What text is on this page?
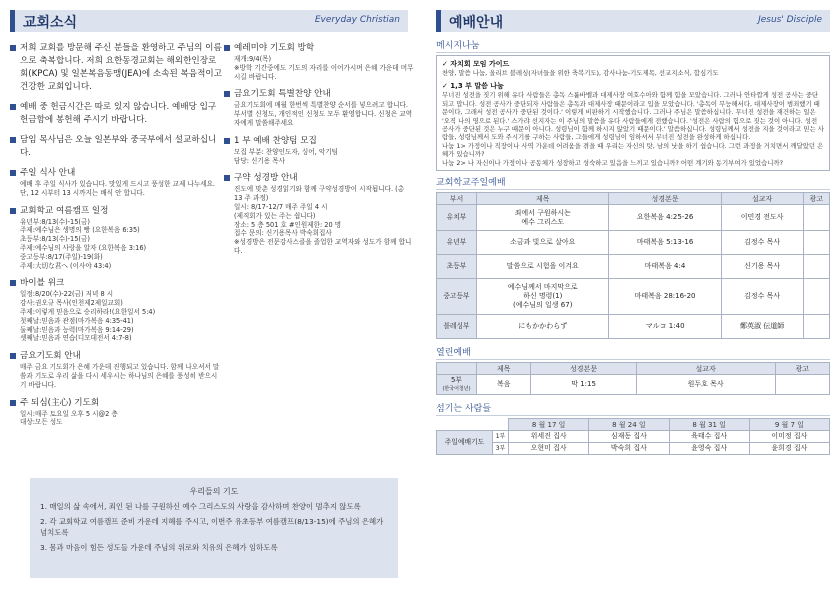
교회소식	Everyday Christian
저희 교회를 방문해 주신 분들을 환영하고 주님의 이름으로 축복합니다. 저희 요한동경교회는 해외한인장로회(KPCA) 및 일본복음동맹(JEA)에 소속된 복음적이고 건강한 교회입니다.
예배 중 헌금시간은 따로 있지 않습니다. 예배당 입구 헌금함에 봉헌해 주시기 바랍니다.
담임 목사님은 오늘 일본부와 중국부에서 설교하십니다.
주일 식사 안내
예배 후 주일 식사가 있습니다. 맛있게 드시고 풍성한 교제 나누세요. 단, 12 시부터 13 시까지는 배식 안 합니다.
교회학교 여름캠프 일정
유년부:8/13(수)-15(금)
주제:예수님은 생명의 빵 (요한복음 6:35)
초등부:8/13(수)-15(금)
주제:예수님의 사랑을 알자 (요한복음 3:16)
중고등부:8/17(주일)-19(화)
주제:大切な君へ (이사야 43:4)
바이블 위크
일정:8/20(수)-22(금) 저녁 8 시
강사:권오규 목사(인천제2제일교회)
주제:이렇게 믿음으로 승리하라!(요한일서 5:4)
첫째날:믿음과 관점(마가복음 4:35-41)
둘째날:믿음과 능력(마가복음 9:14-29)
셋째날:믿음과 연습(디모데전서 4:7-8)
금요기도회 안내
매주 금요 기도회가 은혜 가운데 진행되고 있습니다. 함께 나오셔서 말씀과 기도로 우리 삶을 다시 세우시는 하나님의 은혜를 풍성히 받으시기 바랍니다.
주 되심(主心) 기도회
일시:매주 토요일 오후 5 시@2 층
대상:모든 성도
예레미야 기도회 방학
재개:9/4(목)
※방학 기간중에도 기도의 자리를 이어가시며 은혜 가운데 머무시길 바랍니다.
금요기도회 특별찬양 안내
금요기도회에 매월 한번씩 특별찬양 순서를 넣으려고 합니다. 부서별 신청도, 개인적인 신청도 모두 환영합니다. 신청은 교역자에게 말씀해주세요
1 부 예배 찬양팀 모집
모집 부분: 찬양인도자, 싱어, 악기팀
담당: 신기용 목사
구약 성경방 안내
진도에 맞춘 성경읽기와 함께 구약성경방이 시작됩니다. (총 13 주 과정)
일시: 8/17-12/7 매주 주일 4 시
(제직회가 있는 주는 쉽니다)
장소: 5 층 501 호 #인원제한: 20 명
접수 문의: 신기용목사 박숙희집사
※성경방은 전문강사스클을 졸업한 교역자와 성도가 함께 합니다.
우리들의 기도
1. 매일의 삶 속에서, 죄인 된 나를 구원하신 예수 그리스도의 사랑을 감사하며 찬양이 멈추지 않도록
2. 각 교회학교 여름캠프 준비 가운데 지혜를 주시고, 이번주 유초등부 여름캠프(8/13-15)에 주님의 은혜가 넘치도록
3. 몸과 마음이 힘든 성도들 가운데 주님의 위로와 치유의 은혜가 임하도록
예배안내	Jesus' Disciple
메시지나눔
✓ 자치회 모임 가이드
찬양, 말씀 나눔, 올리브 블레싱(자녀들을 위한 축복기도), 감사나눔-기도제목, 선교지소식, 합심기도
✓ 1,3 부 말씀 나눔
무너진 성전을 짓기 위해 유다 사람들은 총독 스룹바벨과 대제사장 여호수아와 함께 힘을 모았습니다. 그러나 안타깝게 성전 공사는 중단되고 맙니다. 성전 공사가 중단되자 사람들은 총독과 대제사장 때문이라고 입을 모았습니다. '총독이 무능해서다, 대제사장이 범죄했기 때문이다, 그래서 성전 공사가 중단된 것이다.' 이렇게 비판하기 시작했습니다. 그러나 주님은 말씀하십니다. 무너진 성전을 재건하는 일은 '오직 나의 영으로 된다.' 스가랴 선지자는 이 주님의 말씀을 유다 사람들에게 전했습니다. '성전은 사람의 힘으로 짓는 것이 아니다. 성전 공사가 중단된 것은 누구 때문이 아니다. 성령님이 함께 하시지 않았기 때문이다.' 말씀하십니다. 성령님께서 성전을 지을 것이라고 믿는 사람들, 성령님께서 도와 주시기를 구하는 사람들, 그들에게 성령님이 임하셔서 무너진 성전을 완성하게 하십니다.
나눔 1> 가정이나 직장이나 사역 가운데 어려움을 겪을 때 우리는 자신의 탓, 남의 낫을 하기 쉽습니다. 그런 과정을 거치면서 깨달았던 은혜가 있습니까?
나눔 2> 나 자신이나 가정이나 공동체가 성장하고 성숙하고 있음을 느끼고 있습니까? 어떤 계기와 동기부여가 있었습니까?
교회학교주일예배
부서	제목	성경본문	설교자	광고
유치부	죄에서 구원하시는
예수 그리스도	요한복음 4:25-26	이민경 전도사	
유년부	소금과 빛으로 살아요	마태복음 5:13-16	김정수 목사	
초등부	말씀으로 시험을 이겨요	마태복음 4:4	신기용 목사	
중고등부	예수님께서 마지막으로
하신 명령(1)
(예수님의 일생 67)	마태복음 28:16-20	김정수 목사	
블레싱부	にもかかわらず	マルコ 1:40	鄭英淑 伝道師	
열린예배
	제목	성경본문	설교자	광고

5부
(한국어청년)	복음	막 1:15	원두호 목사	
섬기는 사람들
		8 월 17 일	8 월 24 일	8 월 31 일	9 월 7 일
주일예배기도	1부	위세진 집사	심재동 집사	육태수 집사	이미정 집사
	3부	오현미 집사	박숙희 집사	윤영숙 집사	윤희경 집사
